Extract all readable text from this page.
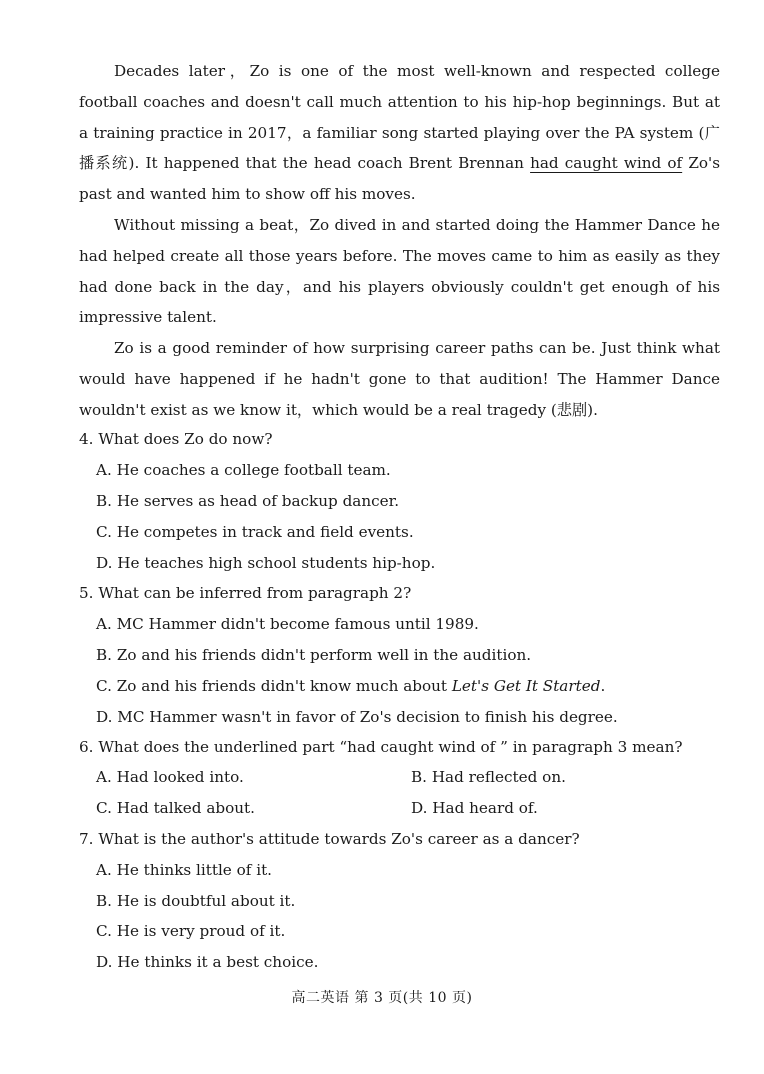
Decades later，Zo is one of the most well-known and respected college football coaches and doesn't call much attention to his hip-hop beginnings. But at a training practice in 2017，a familiar song started playing over the PA system (广播系统). It happened that the head coach Brent Brennan had caught wind of Zo's past and wanted him to show off his moves.

Without missing a beat，Zo dived in and started doing the Hammer Dance he had helped create all those years before. The moves came to him as easily as they had done back in the day，and his players obviously couldn't get enough of his impressive talent.

Zo is a good reminder of how surprising career paths can be. Just think what would have happened if he hadn't gone to that audition! The Hammer Dance wouldn't exist as we know it，which would be a real tragedy (悲剧).

4. What does Zo do now?
A. He coaches a college football team.
B. He serves as head of backup dancer.
C. He competes in track and field events.
D. He teaches high school students hip-hop.
5. What can be inferred from paragraph 2?
A. MC Hammer didn't become famous until 1989.
B. Zo and his friends didn't perform well in the audition.
C. Zo and his friends didn't know much about Let's Get It Started.
D. MC Hammer wasn't in favor of Zo's decision to finish his degree.
6. What does the underlined part “had caught wind of ” in paragraph 3 mean?
A. Had looked into.	B. Had reflected on.
C. Had talked about.	D. Had heard of.
7. What is the author's attitude towards Zo's career as a dancer?
A. He thinks little of it.
B. He is doubtful about it.
C. He is very proud of it.
D. He thinks it a best choice.
高二英语 第 3 页(共 10 页)
